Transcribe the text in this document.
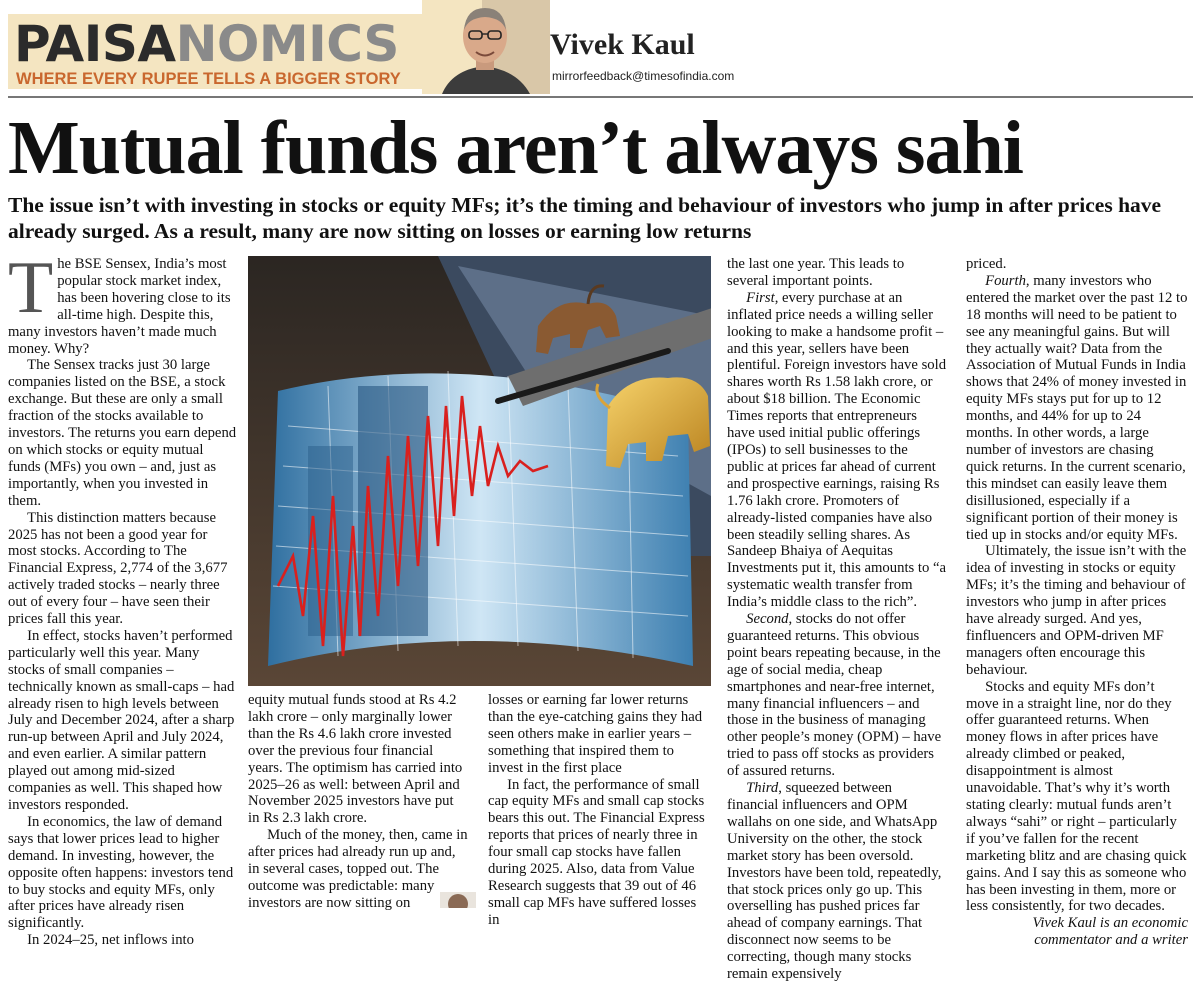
PAISANOMICS
WHERE EVERY RUPEE TELLS A BIGGER STORY
Vivek Kaul
mirrorfeedback@timesofindia.com
Mutual funds aren’t always sahi
The issue isn’t with investing in stocks or equity MFs; it’s the timing and behaviour of investors who jump in after prices have already surged. As a result, many are now sitting on losses or earning low returns

The BSE Sensex, India’s most popular stock market index, has been hovering close to its all-time high. Despite this, many investors haven’t made much money. Why?

The Sensex tracks just 30 large companies listed on the BSE, a stock exchange. But these are only a small fraction of the stocks available to investors. The returns you earn depend on which stocks or equity mutual funds (MFs) you own – and, just as importantly, when you invested in them.

This distinction matters because 2025 has not been a good year for most stocks. According to The Financial Express, 2,774 of the 3,677 actively traded stocks – nearly three out of every four – have seen their prices fall this year.

In effect, stocks haven’t performed particularly well this year. Many stocks of small companies – technically known as small-caps – had already risen to high levels between July and December 2024, after a sharp run-up between April and July 2024, and even earlier. A similar pattern played out among mid-sized companies as well. This shaped how investors responded.

In economics, the law of demand says that lower prices lead to higher demand. In investing, however, the opposite often happens: investors tend to buy stocks and equity MFs, only after prices have already risen significantly.

In 2024–25, net inflows into

equity mutual funds stood at Rs 4.2 lakh crore – only marginally lower than the Rs 4.6 lakh crore invested over the previous four financial years. The optimism has carried into 2025–26 as well: between April and November 2025 investors have put in Rs 2.3 lakh crore.

Much of the money, then, came in after prices had already run up and, in several cases, topped out. The outcome was predictable: many investors are now sitting on

losses or earning far lower returns than the eye-catching gains they had seen others make in earlier years – something that inspired them to invest in the first place

In fact, the performance of small cap equity MFs and small cap stocks bears this out. The Financial Express reports that prices of nearly three in four small cap stocks have fallen during 2025. Also, data from Value Research suggests that 39 out of 46 small cap MFs have suffered losses in

the last one year. This leads to several important points.

First, every purchase at an inflated price needs a willing seller looking to make a handsome profit – and this year, sellers have been plentiful. Foreign investors have sold shares worth Rs 1.58 lakh crore, or about $18 billion. The Economic Times reports that entrepreneurs have used initial public offerings (IPOs) to sell businesses to the public at prices far ahead of current and prospective earnings, raising Rs 1.76 lakh crore. Promoters of already-listed companies have also been steadily selling shares. As Sandeep Bhaiya of Aequitas Investments put it, this amounts to “a systematic wealth transfer from India’s middle class to the rich”.

Second, stocks do not offer guaranteed returns. This obvious point bears repeating because, in the age of social media, cheap smartphones and near-free internet, many financial influencers – and those in the business of managing other people’s money (OPM) – have tried to pass off stocks as providers of assured returns.

Third, squeezed between financial influencers and OPM wallahs on one side, and WhatsApp University on the other, the stock market story has been oversold. Investors have been told, repeatedly, that stock prices only go up. This overselling has pushed prices far ahead of company earnings. That disconnect now seems to be correcting, though many stocks remain expensively

priced.

Fourth, many investors who entered the market over the past 12 to 18 months will need to be patient to see any meaningful gains. But will they actually wait? Data from the Association of Mutual Funds in India shows that 24% of money invested in equity MFs stays put for up to 12 months, and 44% for up to 24 months. In other words, a large number of investors are chasing quick returns. In the current scenario, this mindset can easily leave them disillusioned, especially if a significant portion of their money is tied up in stocks and/or equity MFs.

Ultimately, the issue isn’t with the idea of investing in stocks or equity MFs; it’s the timing and behaviour of investors who jump in after prices have already surged. And yes, finfluencers and OPM-driven MF managers often encourage this behaviour.

Stocks and equity MFs don’t move in a straight line, nor do they offer guaranteed returns. When money flows in after prices have already climbed or peaked, disappointment is almost unavoidable. That’s why it’s worth stating clearly: mutual funds aren’t always “sahi” or right – particularly if you’ve fallen for the recent marketing blitz and are chasing quick gains. And I say this as someone who has been investing in them, more or less consistently, for two decades.

Vivek Kaul is an economic
commentator and a writer
